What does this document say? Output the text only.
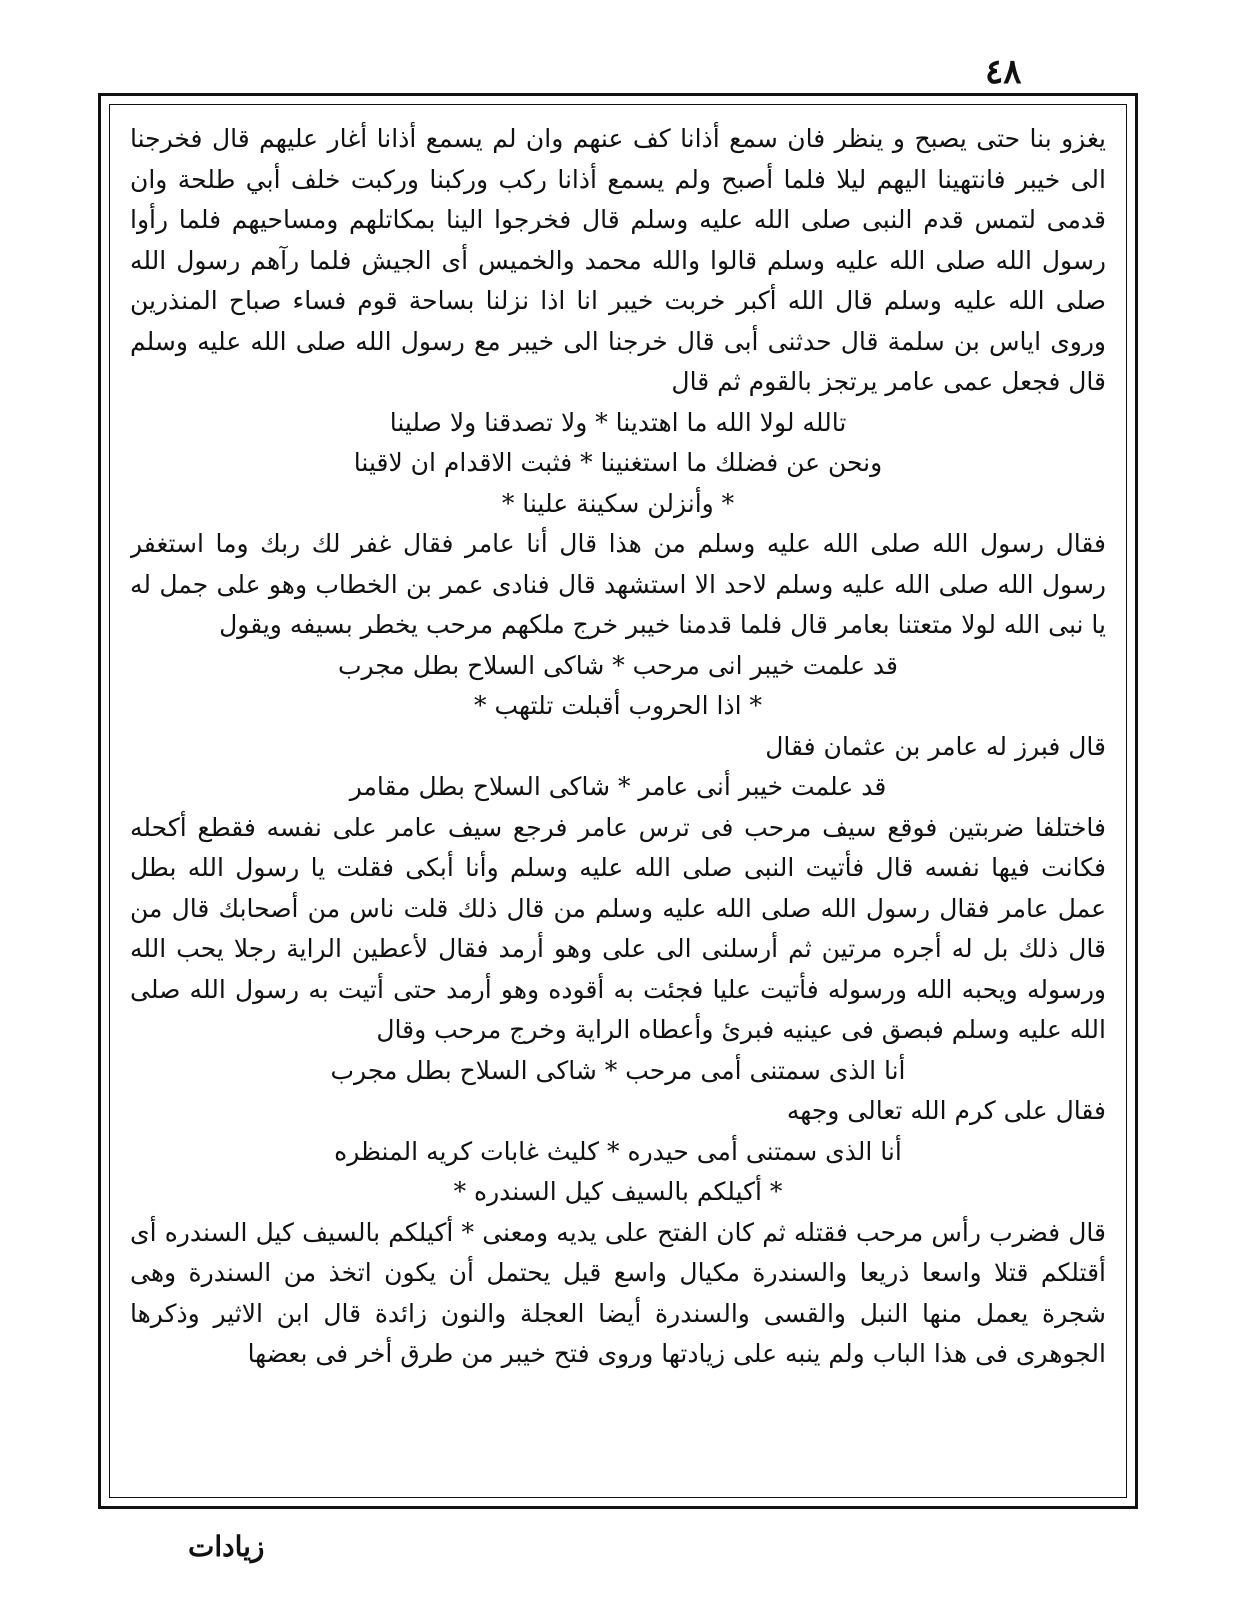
٤٨

يغزو بنا حتى يصبح و ينظر فان سمع أذانا كف عنهم وان لم يسمع أذانا أغار عليهم قال فخرجنا الى خيبر فانتهينا اليهم ليلا فلما أصبح ولم يسمع أذانا ركب وركبنا وركبت خلف أبي طلحة وان قدمى لتمس قدم النبى صلى الله عليه وسلم قال فخرجوا الينا بمكاتلهم ومساحيهم فلما رأوا رسول الله صلى الله عليه وسلم قالوا والله محمد والخميس أى الجيش فلما رآهم رسول الله صلى الله عليه وسلم قال الله أكبر خربت خيبر انا اذا نزلنا بساحة قوم فساء صباح المنذرين وروى اياس بن سلمة قال حدثنى أبى قال خرجنا الى خيبر مع رسول الله صلى الله عليه وسلم قال فجعل عمى عامر يرتجز بالقوم ثم قال

تالله لولا الله ما اهتدينا * ولا تصدقنا ولا صلينا

ونحن عن فضلك ما استغنينا * فثبت الاقدام ان لاقينا

* وأنزلن سكينة علينا *

فقال رسول الله صلى الله عليه وسلم من هذا قال أنا عامر فقال غفر لك ربك وما استغفر رسول الله صلى الله عليه وسلم لاحد الا استشهد قال فنادى عمر بن الخطاب وهو على جمل له يا نبى الله لولا متعتنا بعامر قال فلما قدمنا خيبر خرج ملكهم مرحب يخطر بسيفه ويقول

قد علمت خيبر انى مرحب * شاكى السلاح بطل مجرب

* اذا الحروب أقبلت تلتهب *

قال فبرز له عامر بن عثمان فقال

قد علمت خيبر أنى عامر * شاكى السلاح بطل مقامر

فاختلفا ضربتين فوقع سيف مرحب فى ترس عامر فرجع سيف عامر على نفسه فقطع أكحله فكانت فيها نفسه قال فأتيت النبى صلى الله عليه وسلم وأنا أبكى فقلت يا رسول الله بطل عمل عامر فقال رسول الله صلى الله عليه وسلم من قال ذلك قلت ناس من أصحابك قال من قال ذلك بل له أجره مرتين ثم أرسلنى الى على وهو أرمد فقال لأعطين الراية رجلا يحب الله ورسوله ويحبه الله ورسوله فأتيت عليا فجئت به أقوده وهو أرمد حتى أتيت به رسول الله صلى الله عليه وسلم فبصق فى عينيه فبرئ وأعطاه الراية وخرج مرحب وقال

أنا الذى سمتنى أمى مرحب * شاكى السلاح بطل مجرب

فقال على كرم الله تعالى وجهه

أنا الذى سمتنى أمى حيدره * كليث غابات كريه المنظره

* أكيلكم بالسيف كيل السندره *

قال فضرب رأس مرحب فقتله ثم كان الفتح على يديه ومعنى * أكيلكم بالسيف كيل السندره أى أقتلكم قتلا واسعا ذريعا والسندرة مكيال واسع قيل يحتمل أن يكون اتخذ من السندرة وهى شجرة يعمل منها النبل والقسى والسندرة أيضا العجلة والنون زائدة قال ابن الاثير وذكرها الجوهرى فى هذا الباب ولم ينبه على زيادتها وروى فتح خيبر من طرق أخر فى بعضها

زيادات
